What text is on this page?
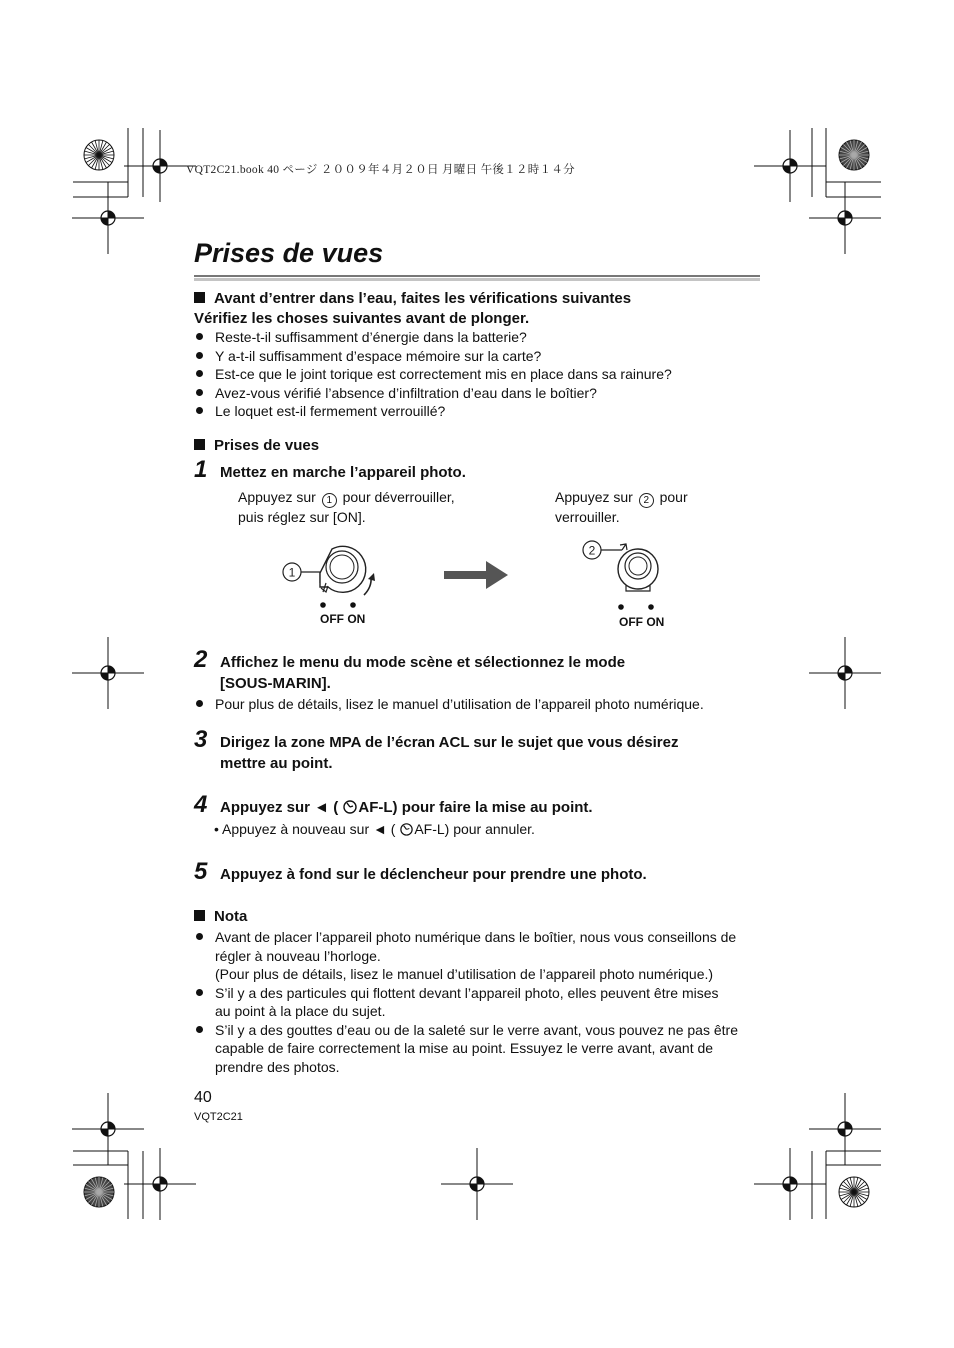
VQT2C21.book 40 ページ ２００９年４月２０日 月曜日 午後１２時１４分
Prises de vues
Avant d’entrer dans l’eau, faites les vérifications suivantes
Vérifiez les choses suivantes avant de plonger.
Reste-t-il suffisamment d’énergie dans la batterie?
Y a-t-il suffisamment d’espace mémoire sur la carte?
Est-ce que le joint torique est correctement mis en place dans sa rainure?
Avez-vous vérifié l’absence d’infiltration d’eau dans le boîtier?
Le loquet est-il fermement verrouillé?
Prises de vues
1 Mettez en marche l’appareil photo.
Appuyez sur 1 pour déverrouiller,
puis réglez sur [ON].
Appuyez sur 2 pour
verrouiller.
1
OFF ON
2
OFF ON
2 Affichez le menu du mode scène et sélectionnez le mode
[SOUS-MARIN].
Pour plus de détails, lisez le manuel d’utilisation de l’appareil photo numérique.
3 Dirigez la zone MPA de l’écran ACL sur le sujet que vous désirez
mettre au point.
4 Appuyez sur ◄ ( AF-L) pour faire la mise au point.
• Appuyez à nouveau sur ◄ ( AF-L) pour annuler.
5 Appuyez à fond sur le déclencheur pour prendre une photo.
Nota
Avant de placer l’appareil photo numérique dans le boîtier, nous vous conseillons de
régler à nouveau l’horloge.
(Pour plus de détails, lisez le manuel d’utilisation de l’appareil photo numérique.)
S’il y a des particules qui flottent devant l’appareil photo, elles peuvent être mises
au point à la place du sujet.
S’il y a des gouttes d’eau ou de la saleté sur le verre avant, vous pouvez ne pas être
capable de faire correctement la mise au point. Essuyez le verre avant, avant de
prendre des photos.
40
VQT2C21
